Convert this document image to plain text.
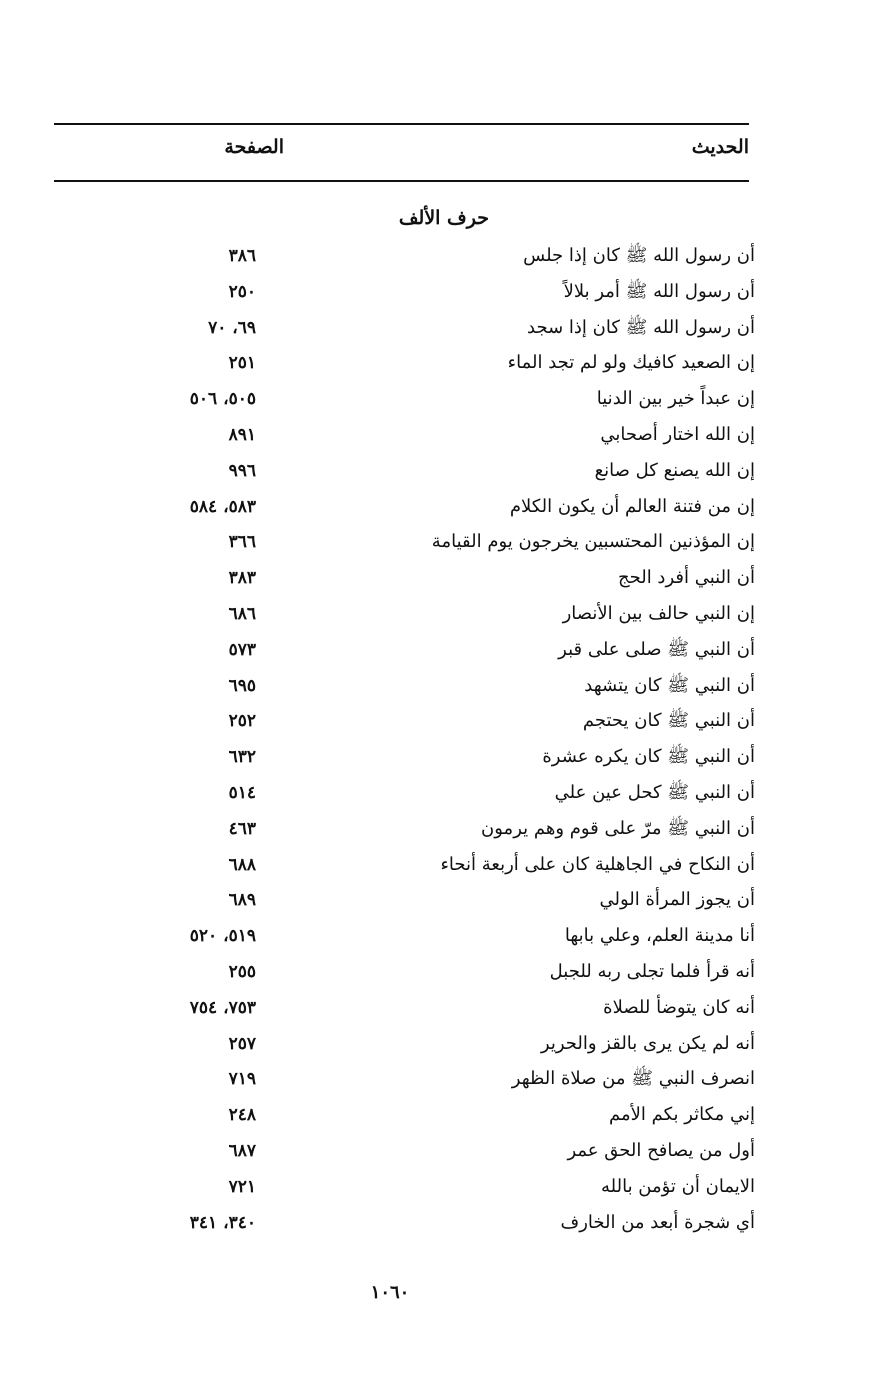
الحديث
الصفحة
حرف الألف
أن رسول الله ﷺ كان إذا جلس
٣٨٦
أن رسول الله ﷺ أمر بلالاً
٢٥٠
أن رسول الله ﷺ كان إذا سجد
٦٩، ٧٠
إن الصعيد كافيك ولو لم تجد الماء
٢٥١
إن عبداً خير بين الدنيا
٥٠٥، ٥٠٦
إن الله اختار أصحابي
٨٩١
إن الله يصنع كل صانع
٩٩٦
إن من فتنة العالم أن يكون الكلام
٥٨٣، ٥٨٤
إن المؤذنين المحتسبين يخرجون يوم القيامة
٣٦٦
أن النبي أفرد الحج
٣٨٣
إن النبي حالف بين الأنصار
٦٨٦
أن النبي ﷺ صلى على قبر
٥٧٣
أن النبي ﷺ كان يتشهد
٦٩٥
أن النبي ﷺ كان يحتجم
٢٥٢
أن النبي ﷺ كان يكره عشرة
٦٣٢
أن النبي ﷺ كحل عين علي
٥١٤
أن النبي ﷺ مرّ على قوم وهم يرمون
٤٦٣
أن النكاح في الجاهلية كان على أربعة أنحاء
٦٨٨
أن يجوز المرأة الولي
٦٨٩
أنا مدينة العلم، وعلي بابها
٥١٩، ٥٢٠
أنه قرأ فلما تجلى ربه للجبل
٢٥٥
أنه كان يتوضأ للصلاة
٧٥٣، ٧٥٤
أنه لم يكن يرى بالقز والحرير
٢٥٧
انصرف النبي ﷺ من صلاة الظهر
٧١٩
إني مكاثر بكم الأمم
٢٤٨
أول من يصافح الحق عمر
٦٨٧
الايمان أن تؤمن بالله
٧٢١
أي شجرة أبعد من الخارف
٣٤٠، ٣٤١
١٠٦٠
